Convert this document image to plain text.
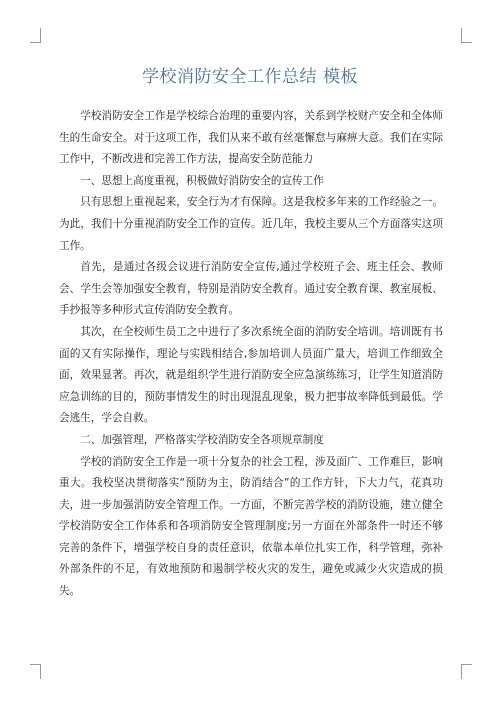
学校消防安全工作总结 模板

学校消防安全工作是学校综合治理的重要内容，关系到学校财产安全和全体师生的生命安全。对于这项工作，我们从来不敢有丝毫懈怠与麻痹大意。我们在实际工作中，不断改进和完善工作方法，提高安全防范能力

一、思想上高度重视，积极做好消防安全的宣传工作

只有思想上重视起来，安全行为才有保障。这是我校多年来的工作经验之一。为此，我们十分重视消防安全工作的宣传。近几年，我校主要从三个方面落实这项工作。

首先，是通过各级会议进行消防安全宣传,通过学校班子会、班主任会、教师会、学生会等加强安全教育，特别是消防安全教育。通过安全教育课、教室展板、手抄报等多种形式宣传消防安全教育。

其次，在全校师生员工之中进行了多次系统全面的消防安全培训。培训既有书面的又有实际操作，理论与实践相结合,参加培训人员面广量大，培训工作细致全面，效果显著。再次，就是组织学生进行消防安全应急演练练习，让学生知道消防应急训练的目的，预防事情发生的时出现混乱现象，极力把事故率降低到最低。学会逃生，学会自救。

二、加强管理，严格落实学校消防安全各项规章制度

学校的消防安全工作是一项十分复杂的社会工程，涉及面广、工作难巨，影响重大。我校坚决贯彻落实“预防为主，防消结合”的工作方针，下大力气，花真功夫，进一步加强消防安全管理工作。一方面，不断完善学校的消防设施，建立健全学校消防安全工作体系和各项消防安全管理制度;另一方面在外部条件一时还不够完善的条件下，增强学校自身的责任意识，依靠本单位扎实工作，科学管理，弥补外部条件的不足，有效地预防和遏制学校火灾的发生，避免或减少火灾造成的损失。
